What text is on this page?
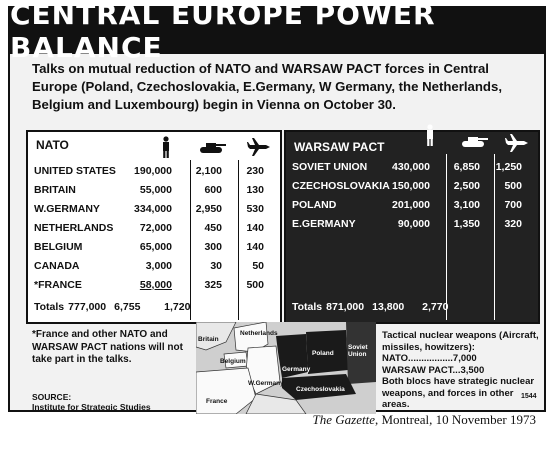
CENTRAL EUROPE POWER BALANCE
Talks on mutual reduction of NATO and WARSAW PACT forces in Central Europe (Poland, Czechoslovakia, E.Germany, W Germany, the Netherlands, Belgium and Luxembourg) begin in Vienna on October 30.
NATO
UNITED STATES	190,000	2,100	230
BRITAIN	55,000	600	130
W.GERMANY	334,000	2,950	530
NETHERLANDS	72,000	450	140
BELGIUM	65,000	300	140
CANADA	3,000	30	50
*FRANCE	58,000	325	500
Totals 777,000 6,755	1,720
WARSAW PACT
SOVIET UNION	430,000	6,850	1,250
CZECHOSLOVAKIA 150,000	2,500	500
POLAND	201,000	3,100	700
E.GERMANY	90,000	1,350	320
Totals 871,000 13,800	2,770
*France and other NATO and WARSAW PACT nations will not take part in the talks.
SOURCE:
Institute for Strategic Studies
Netherlands
Britain
Belgium
W.Germany
France
Germany
Poland
Soviet Union
Czechoslovakia
Tactical nuclear weapons (Aircraft, missiles, howitzers):
NATO.................7,000
WARSAW PACT...3,500
Both blocs have strategic nuclear weapons, and forces in other areas.
1544
The Gazette, Montreal, 10 November 1973
